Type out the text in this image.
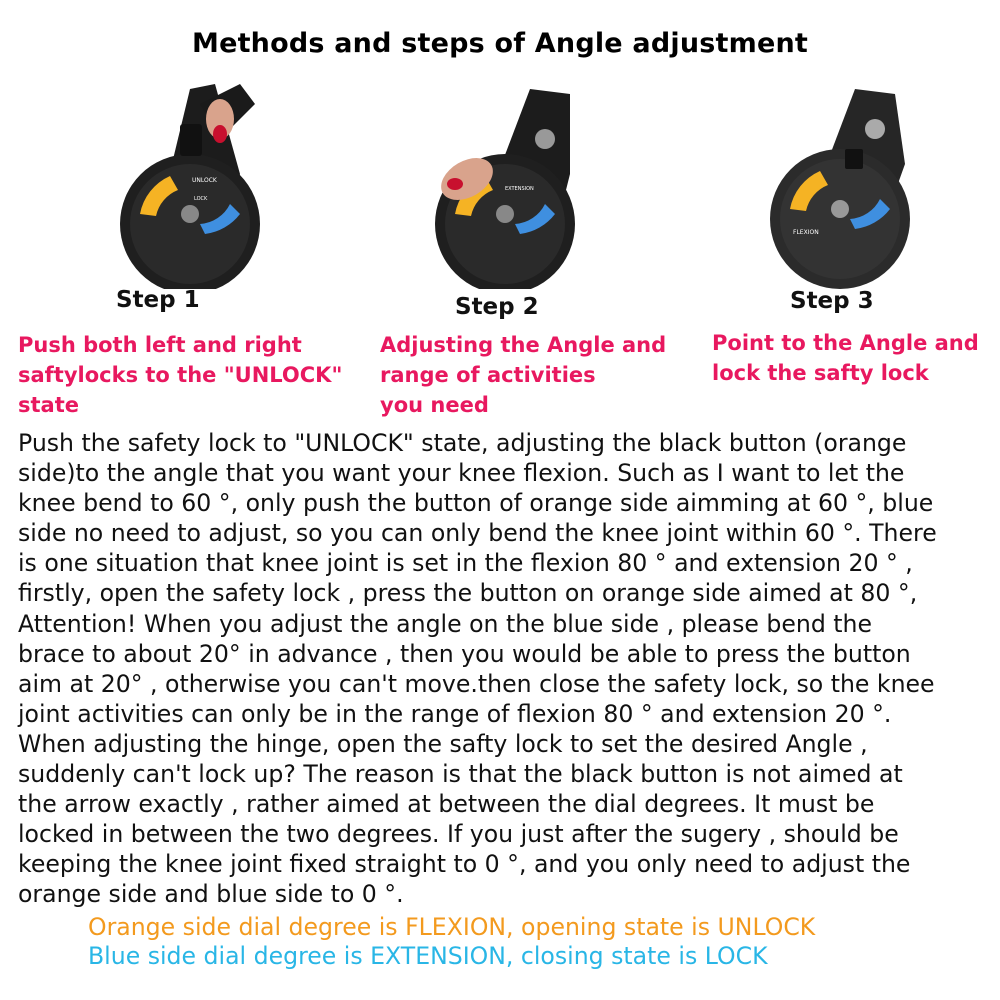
Methods and steps of Angle adjustment
UNLOCK
LOCK
EXTENSION
FLEXION
Step 1	Step 2	Step 3
Push both left and right
saftylocks to the "UNLOCK"
state
Adjusting the Angle and
range of activities
you need
Point to the Angle and
lock the safty lock
Push the safety lock to "UNLOCK" state, adjusting the black button (orange
side)to the angle that you want your knee flexion. Such as I want to let the
knee bend to 60 °, only push the button of orange side aimming at 60 °, blue
side no need to adjust, so you can only bend the knee joint within 60 °. There
is one situation that knee joint is set in the flexion 80 ° and extension 20 ° ,
firstly, open the safety lock , press the button on orange side aimed at 80 °,
Attention! When you adjust the angle on the blue side , please bend the
brace to about 20° in advance , then you would be able to press the button
aim at 20° , otherwise you can't move.then close the safety lock, so the knee
joint activities can only be in the range of flexion 80 ° and extension 20 °.
When adjusting the hinge, open the safty lock to set the desired Angle ,
suddenly can't lock up? The reason is that the black button is not aimed at
the arrow exactly , rather aimed at between the dial degrees. It must be
locked in between the two degrees. If you just after the sugery , should be
keeping the knee joint fixed straight to 0 °, and you only need to adjust the
orange side and blue side to 0 °.
Orange side dial degree is FLEXION, opening state is UNLOCK
Blue side dial degree is EXTENSION, closing state is LOCK
